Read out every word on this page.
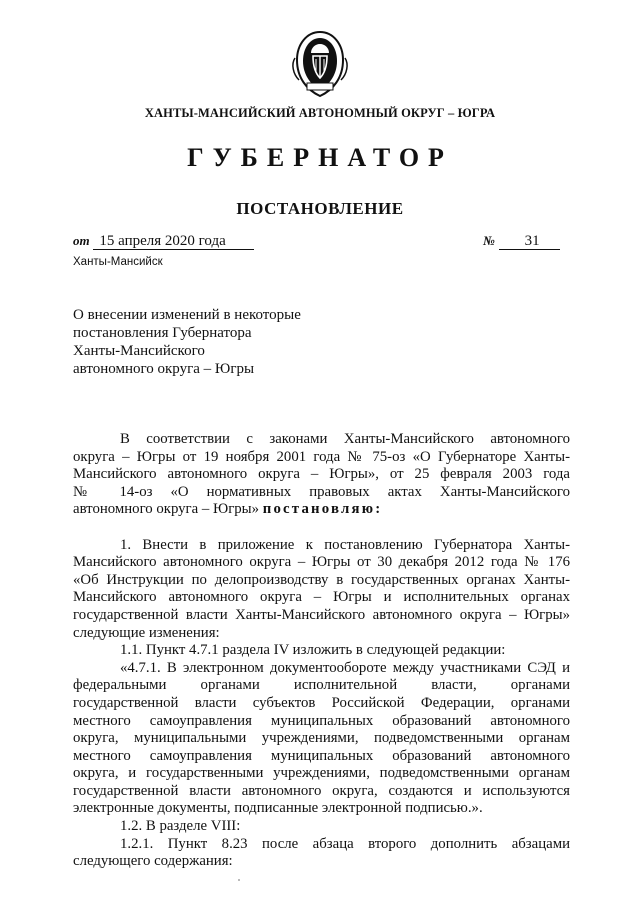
ХАНТЫ-МАНСИЙСКИЙ АВТОНОМНЫЙ ОКРУГ – ЮГРА
ГУБЕРНАТОР
ПОСТАНОВЛЕНИЕ
от 15 апреля 2020 года	№ 31
Ханты-Мансийск
О внесении изменений в некоторые
постановления Губернатора
Ханты-Мансийского
автономного округа – Югры

В соответствии с законами Ханты-Мансийского автономного
округа – Югры от 19 ноября 2001 года № 75-оз «О Губернаторе Ханты-
Мансийского автономного округа – Югры», от 25 февраля 2003 года
№ 14-оз «О нормативных правовых актах Ханты-Мансийского
автономного округа – Югры» постановляю:

1. Внести в приложение к постановлению Губернатора Ханты-
Мансийского автономного округа – Югры от 30 декабря 2012 года № 176
«Об Инструкции по делопроизводству в государственных органах Ханты-
Мансийского автономного округа – Югры и исполнительных органах
государственной власти Ханты-Мансийского автономного округа – Югры»
следующие изменения:

1.1. Пункт 4.7.1 раздела IV изложить в следующей редакции:

«4.7.1. В электронном документообороте между участниками СЭД и
федеральными органами исполнительной власти, органами
государственной власти субъектов Российской Федерации, органами
местного самоуправления муниципальных образований автономного
округа, муниципальными учреждениями, подведомственными органам
местного самоуправления муниципальных образований автономного
округа, и государственными учреждениями, подведомственными органам
государственной власти автономного округа, создаются и используются
электронные документы, подписанные электронной подписью.».

1.2. В разделе VIII:

1.2.1. Пункт 8.23 после абзаца второго дополнить абзацами
следующего содержания:
